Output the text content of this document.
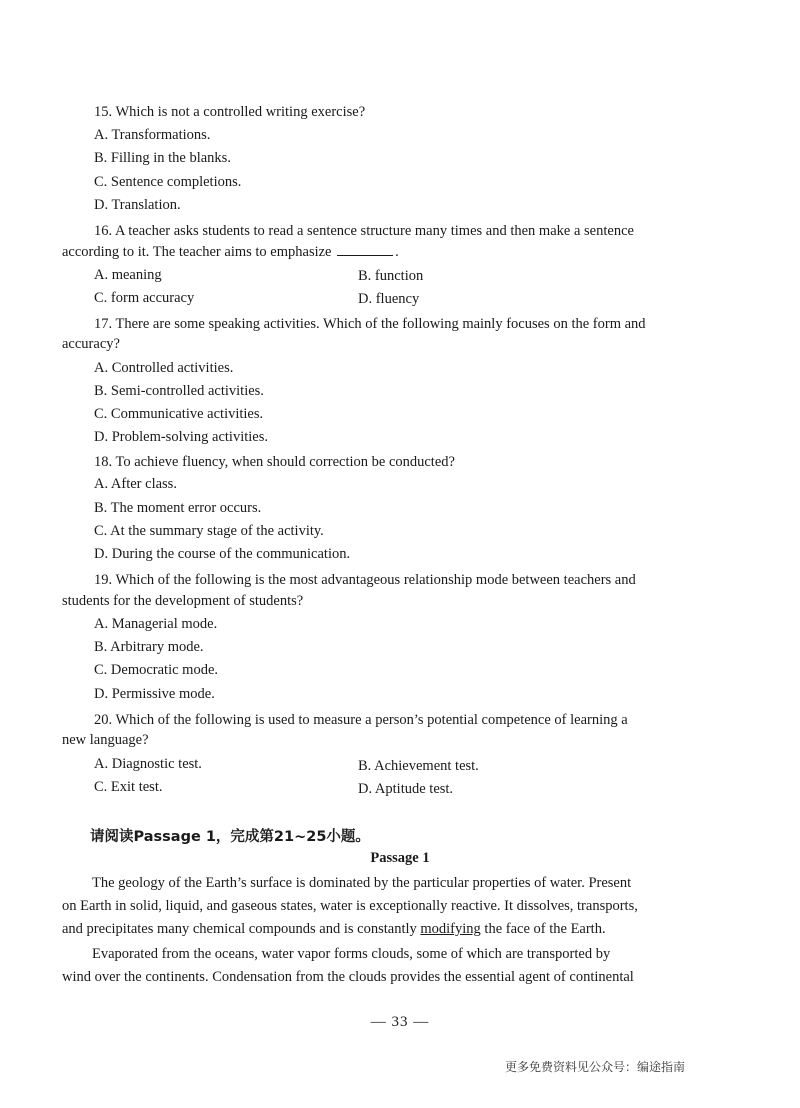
15. Which is not a controlled writing exercise?
A. Transformations.
B. Filling in the blanks.
C. Sentence completions.
D. Translation.
16. A teacher asks students to read a sentence structure many times and then make a sentence
according to it. The teacher aims to emphasize	.
A. meaning	B. function
C. form accuracy	D. fluency
17. There are some speaking activities. Which of the following mainly focuses on the form and
accuracy?
A. Controlled activities.
B. Semi-controlled activities.
C. Communicative activities.
D. Problem-solving activities.
18. To achieve fluency, when should correction be conducted?
A. After class.
B. The moment error occurs.
C. At the summary stage of the activity.
D. During the course of the communication.
19. Which of the following is the most advantageous relationship mode between teachers and
students for the development of students?
A. Managerial mode.
B. Arbitrary mode.
C. Democratic mode.
D. Permissive mode.
20. Which of the following is used to measure a person’s potential competence of learning a
new language?
A. Diagnostic test.	B. Achievement test.
C. Exit test.	D. Aptitude test.
请阅读Passage 1，完成第21~25小题。
Passage 1
The geology of the Earth’s surface is dominated by the particular properties of water. Present
on Earth in solid, liquid, and gaseous states, water is exceptionally reactive. It dissolves, transports,
and precipitates many chemical compounds and is constantly modifying the face of the Earth.
Evaporated from the oceans, water vapor forms clouds, some of which are transported by
wind over the continents. Condensation from the clouds provides the essential agent of continental
— 33 —
更多免费资料见公众号：编途指南
